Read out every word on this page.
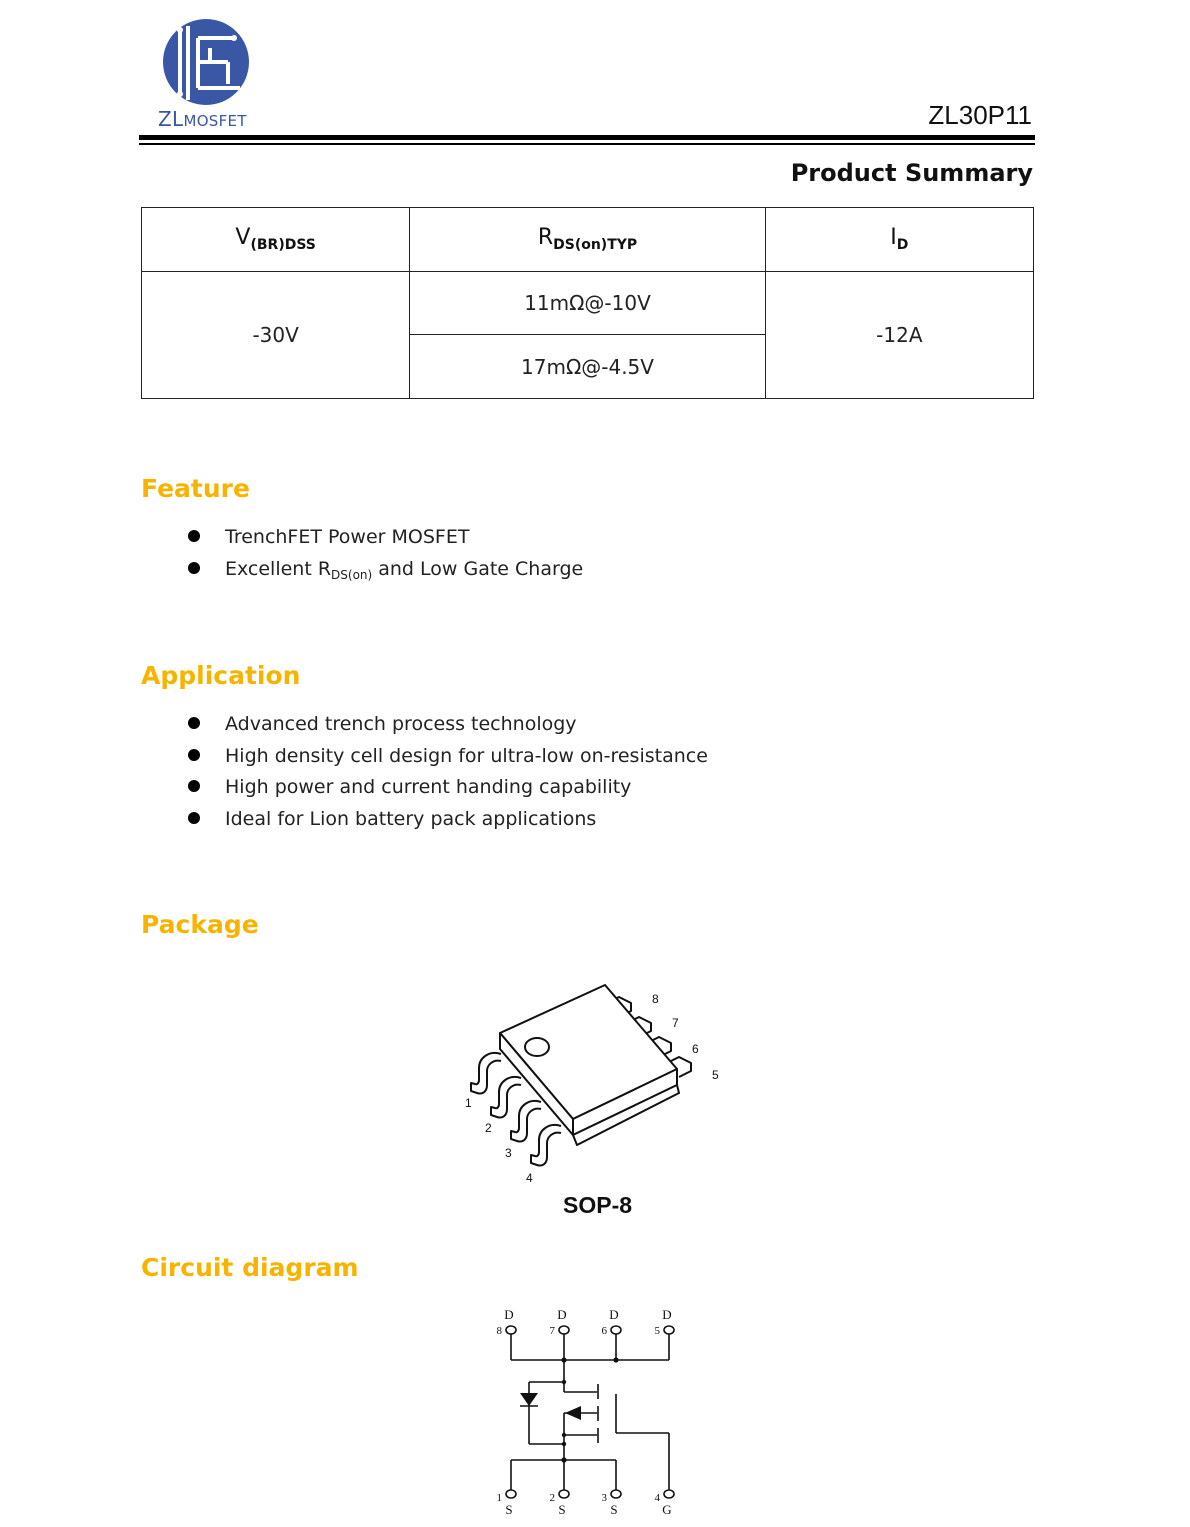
ZLMOSFET	ZL30P11
Product Summary
$V_{(BR)DSS}$	$R_{DS(on)TYP}$	$I_D$
-30V	11mΩ@-10V	-12A
	17mΩ@-4.5V	
Feature
TrenchFET Power MOSFET
Excellent $R_{DS(on)}$ and Low Gate Charge
Application
Advanced trench process technology
High density cell design for ultra-low on-resistance
High power and current handing capability
Ideal for Lion battery pack applications
Package
1
2
3
4
5
6
7
8
SOP-8
Circuit diagram
D	D	D	D
S	S	S	G
8	7	6	5
1	2	3	4
